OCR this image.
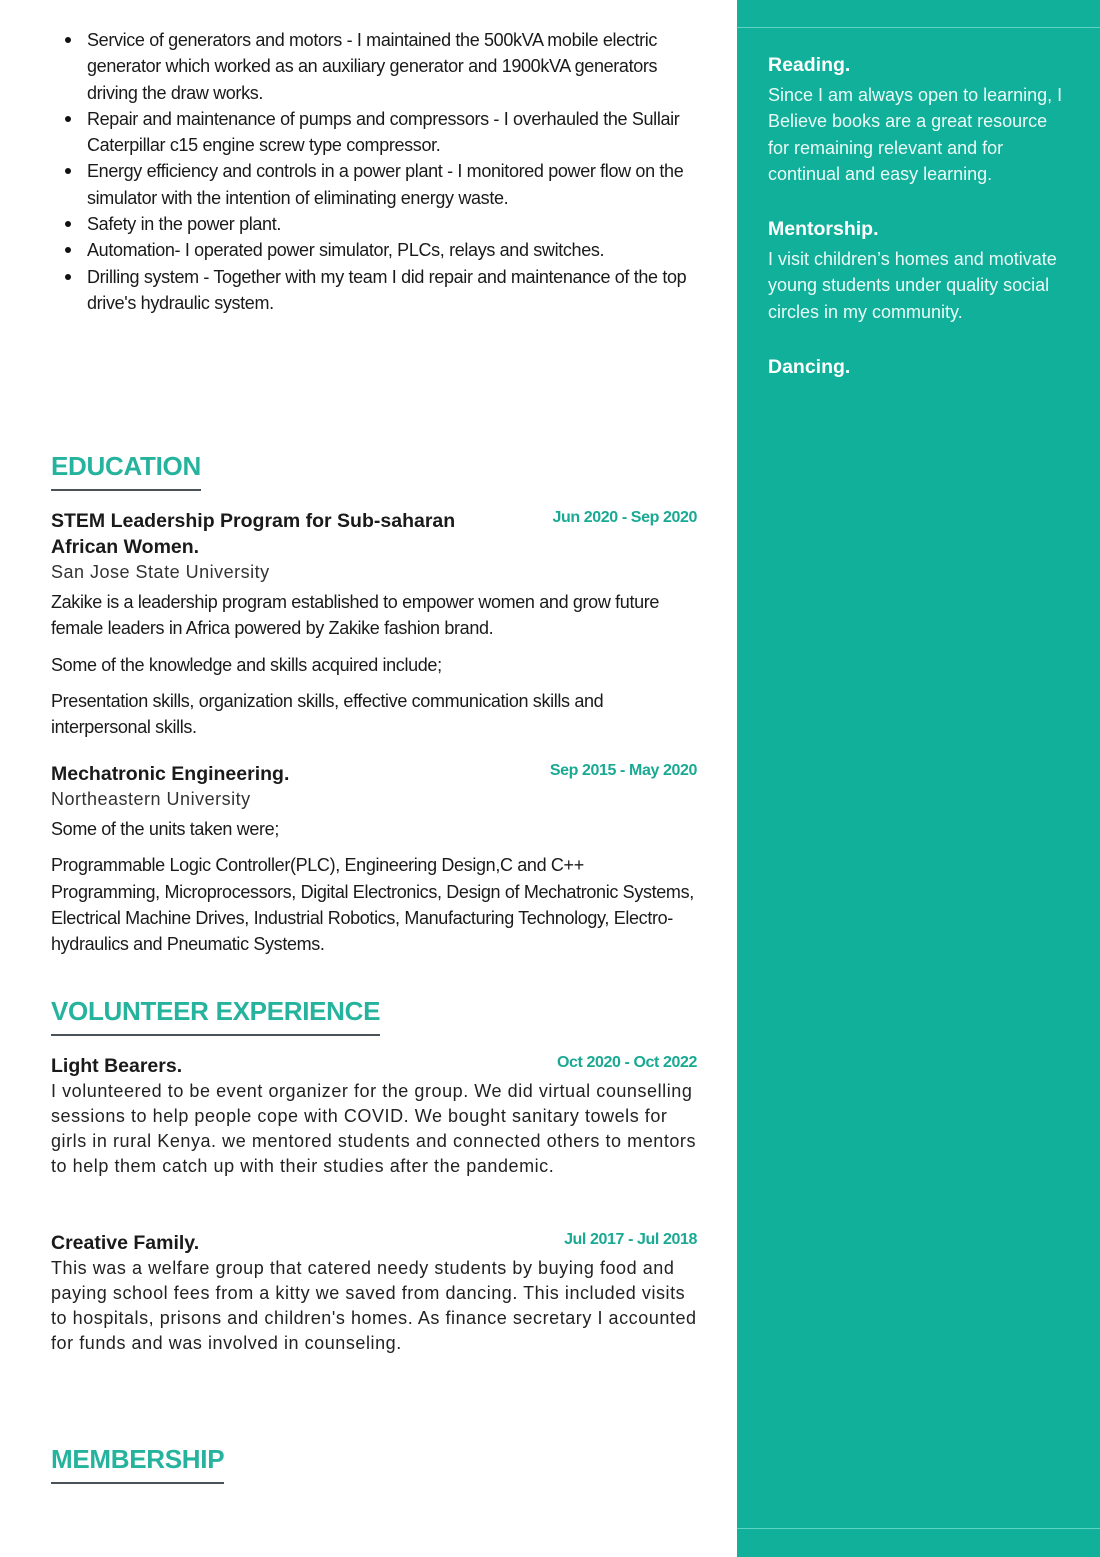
Service of generators and motors - I maintained the 500kVA mobile electric generator which worked as an auxiliary generator and 1900kVA generators driving the draw works.
Repair and maintenance of pumps and compressors - I overhauled the Sullair Caterpillar c15 engine screw type compressor.
Energy efficiency and controls in a power plant - I monitored power flow on the simulator with the intention of eliminating energy waste.
Safety in the power plant.
Automation- I operated power simulator, PLCs, relays and switches.
Drilling system - Together with my team I did repair and maintenance of the top drive's hydraulic system.
EDUCATION
STEM Leadership Program for Sub-saharan African Women.
Jun 2020 - Sep 2020
San Jose State University

Zakike is a leadership program established to empower women and grow future female leaders in Africa powered by Zakike fashion brand.

Some of the knowledge and skills acquired include;

Presentation skills, organization skills, effective communication skills and interpersonal skills.

Mechatronic Engineering.	Sep 2015 - May 2020
Northeastern University

Some of the units taken were;

Programmable Logic Controller(PLC), Engineering Design,C and C++ Programming, Microprocessors, Digital Electronics, Design of Mechatronic Systems, Electrical Machine Drives, Industrial Robotics, Manufacturing Technology, Electro-hydraulics and Pneumatic Systems.

VOLUNTEER EXPERIENCE
Light Bearers.	Oct 2020 - Oct 2022
I volunteered to be event organizer for the group. We did virtual counselling sessions to help people cope with COVID. We bought sanitary towels for girls in rural Kenya. we mentored students and connected others to mentors to help them catch up with their studies after the pandemic.
Creative Family.	Jul 2017 - Jul 2018
This was a welfare group that catered needy students by buying food and paying school fees from a kitty we saved from dancing. This included visits to hospitals, prisons and children's homes. As finance secretary I accounted for funds and was involved in counseling.
MEMBERSHIP
Reading.

Since I am always open to learning, I Believe books are a great resource for remaining relevant and for continual and easy learning.

Mentorship.

I visit children’s homes and motivate young students under quality social circles in my community.

Dancing.
